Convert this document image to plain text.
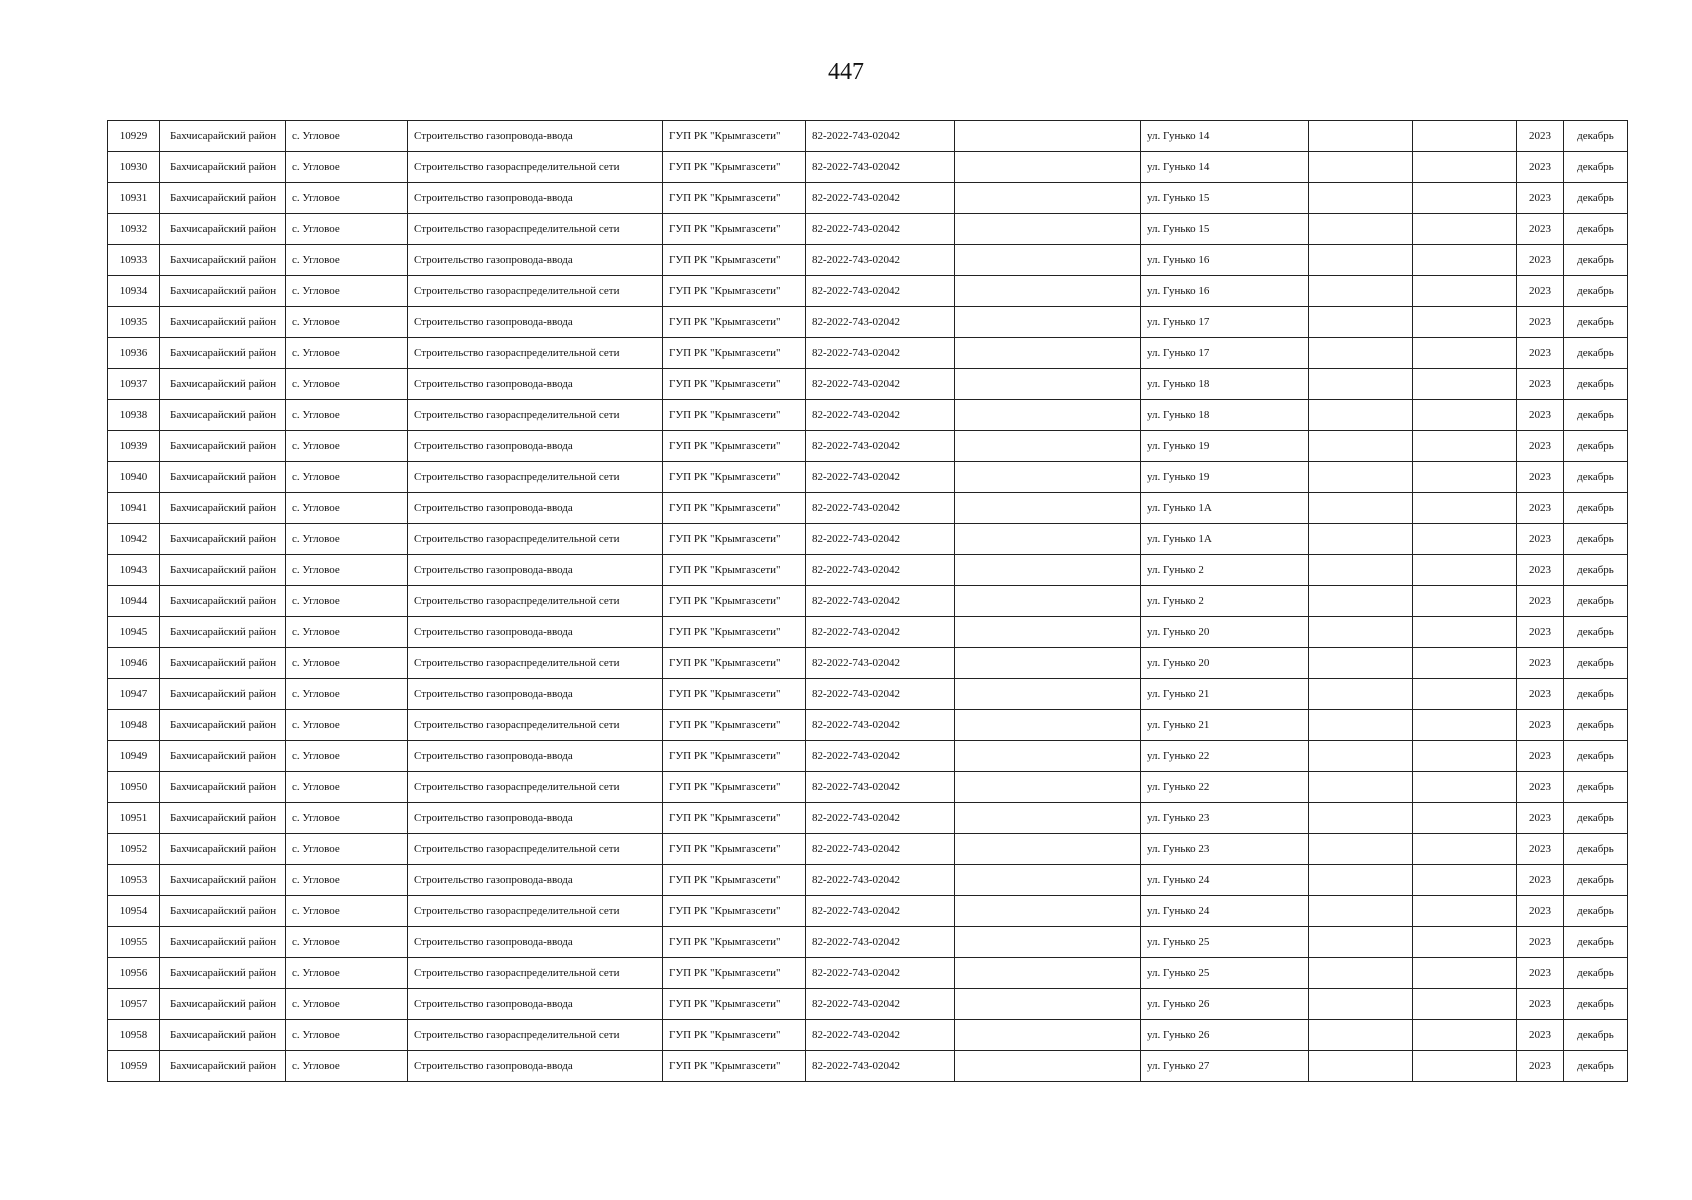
447
10929	Бахчисарайский район	с. Угловое	Строительство газопровода-ввода	ГУП РК "Крымгазсети"	82-2022-743-02042		ул. Гунько 14			2023	декабрь
10930	Бахчисарайский район	с. Угловое	Строительство газораспределительной сети	ГУП РК "Крымгазсети"	82-2022-743-02042		ул. Гунько 14			2023	декабрь
10931	Бахчисарайский район	с. Угловое	Строительство газопровода-ввода	ГУП РК "Крымгазсети"	82-2022-743-02042		ул. Гунько 15			2023	декабрь
10932	Бахчисарайский район	с. Угловое	Строительство газораспределительной сети	ГУП РК "Крымгазсети"	82-2022-743-02042		ул. Гунько 15			2023	декабрь
10933	Бахчисарайский район	с. Угловое	Строительство газопровода-ввода	ГУП РК "Крымгазсети"	82-2022-743-02042		ул. Гунько 16			2023	декабрь
10934	Бахчисарайский район	с. Угловое	Строительство газораспределительной сети	ГУП РК "Крымгазсети"	82-2022-743-02042		ул. Гунько 16			2023	декабрь
10935	Бахчисарайский район	с. Угловое	Строительство газопровода-ввода	ГУП РК "Крымгазсети"	82-2022-743-02042		ул. Гунько 17			2023	декабрь
10936	Бахчисарайский район	с. Угловое	Строительство газораспределительной сети	ГУП РК "Крымгазсети"	82-2022-743-02042		ул. Гунько 17			2023	декабрь
10937	Бахчисарайский район	с. Угловое	Строительство газопровода-ввода	ГУП РК "Крымгазсети"	82-2022-743-02042		ул. Гунько 18			2023	декабрь
10938	Бахчисарайский район	с. Угловое	Строительство газораспределительной сети	ГУП РК "Крымгазсети"	82-2022-743-02042		ул. Гунько 18			2023	декабрь
10939	Бахчисарайский район	с. Угловое	Строительство газопровода-ввода	ГУП РК "Крымгазсети"	82-2022-743-02042		ул. Гунько 19			2023	декабрь
10940	Бахчисарайский район	с. Угловое	Строительство газораспределительной сети	ГУП РК "Крымгазсети"	82-2022-743-02042		ул. Гунько 19			2023	декабрь
10941	Бахчисарайский район	с. Угловое	Строительство газопровода-ввода	ГУП РК "Крымгазсети"	82-2022-743-02042		ул. Гунько 1А			2023	декабрь
10942	Бахчисарайский район	с. Угловое	Строительство газораспределительной сети	ГУП РК "Крымгазсети"	82-2022-743-02042		ул. Гунько 1А			2023	декабрь
10943	Бахчисарайский район	с. Угловое	Строительство газопровода-ввода	ГУП РК "Крымгазсети"	82-2022-743-02042		ул. Гунько 2			2023	декабрь
10944	Бахчисарайский район	с. Угловое	Строительство газораспределительной сети	ГУП РК "Крымгазсети"	82-2022-743-02042		ул. Гунько 2			2023	декабрь
10945	Бахчисарайский район	с. Угловое	Строительство газопровода-ввода	ГУП РК "Крымгазсети"	82-2022-743-02042		ул. Гунько 20			2023	декабрь
10946	Бахчисарайский район	с. Угловое	Строительство газораспределительной сети	ГУП РК "Крымгазсети"	82-2022-743-02042		ул. Гунько 20			2023	декабрь
10947	Бахчисарайский район	с. Угловое	Строительство газопровода-ввода	ГУП РК "Крымгазсети"	82-2022-743-02042		ул. Гунько 21			2023	декабрь
10948	Бахчисарайский район	с. Угловое	Строительство газораспределительной сети	ГУП РК "Крымгазсети"	82-2022-743-02042		ул. Гунько 21			2023	декабрь
10949	Бахчисарайский район	с. Угловое	Строительство газопровода-ввода	ГУП РК "Крымгазсети"	82-2022-743-02042		ул. Гунько 22			2023	декабрь
10950	Бахчисарайский район	с. Угловое	Строительство газораспределительной сети	ГУП РК "Крымгазсети"	82-2022-743-02042		ул. Гунько 22			2023	декабрь
10951	Бахчисарайский район	с. Угловое	Строительство газопровода-ввода	ГУП РК "Крымгазсети"	82-2022-743-02042		ул. Гунько 23			2023	декабрь
10952	Бахчисарайский район	с. Угловое	Строительство газораспределительной сети	ГУП РК "Крымгазсети"	82-2022-743-02042		ул. Гунько 23			2023	декабрь
10953	Бахчисарайский район	с. Угловое	Строительство газопровода-ввода	ГУП РК "Крымгазсети"	82-2022-743-02042		ул. Гунько 24			2023	декабрь
10954	Бахчисарайский район	с. Угловое	Строительство газораспределительной сети	ГУП РК "Крымгазсети"	82-2022-743-02042		ул. Гунько 24			2023	декабрь
10955	Бахчисарайский район	с. Угловое	Строительство газопровода-ввода	ГУП РК "Крымгазсети"	82-2022-743-02042		ул. Гунько 25			2023	декабрь
10956	Бахчисарайский район	с. Угловое	Строительство газораспределительной сети	ГУП РК "Крымгазсети"	82-2022-743-02042		ул. Гунько 25			2023	декабрь
10957	Бахчисарайский район	с. Угловое	Строительство газопровода-ввода	ГУП РК "Крымгазсети"	82-2022-743-02042		ул. Гунько 26			2023	декабрь
10958	Бахчисарайский район	с. Угловое	Строительство газораспределительной сети	ГУП РК "Крымгазсети"	82-2022-743-02042		ул. Гунько 26			2023	декабрь
10959	Бахчисарайский район	с. Угловое	Строительство газопровода-ввода	ГУП РК "Крымгазсети"	82-2022-743-02042		ул. Гунько 27			2023	декабрь
